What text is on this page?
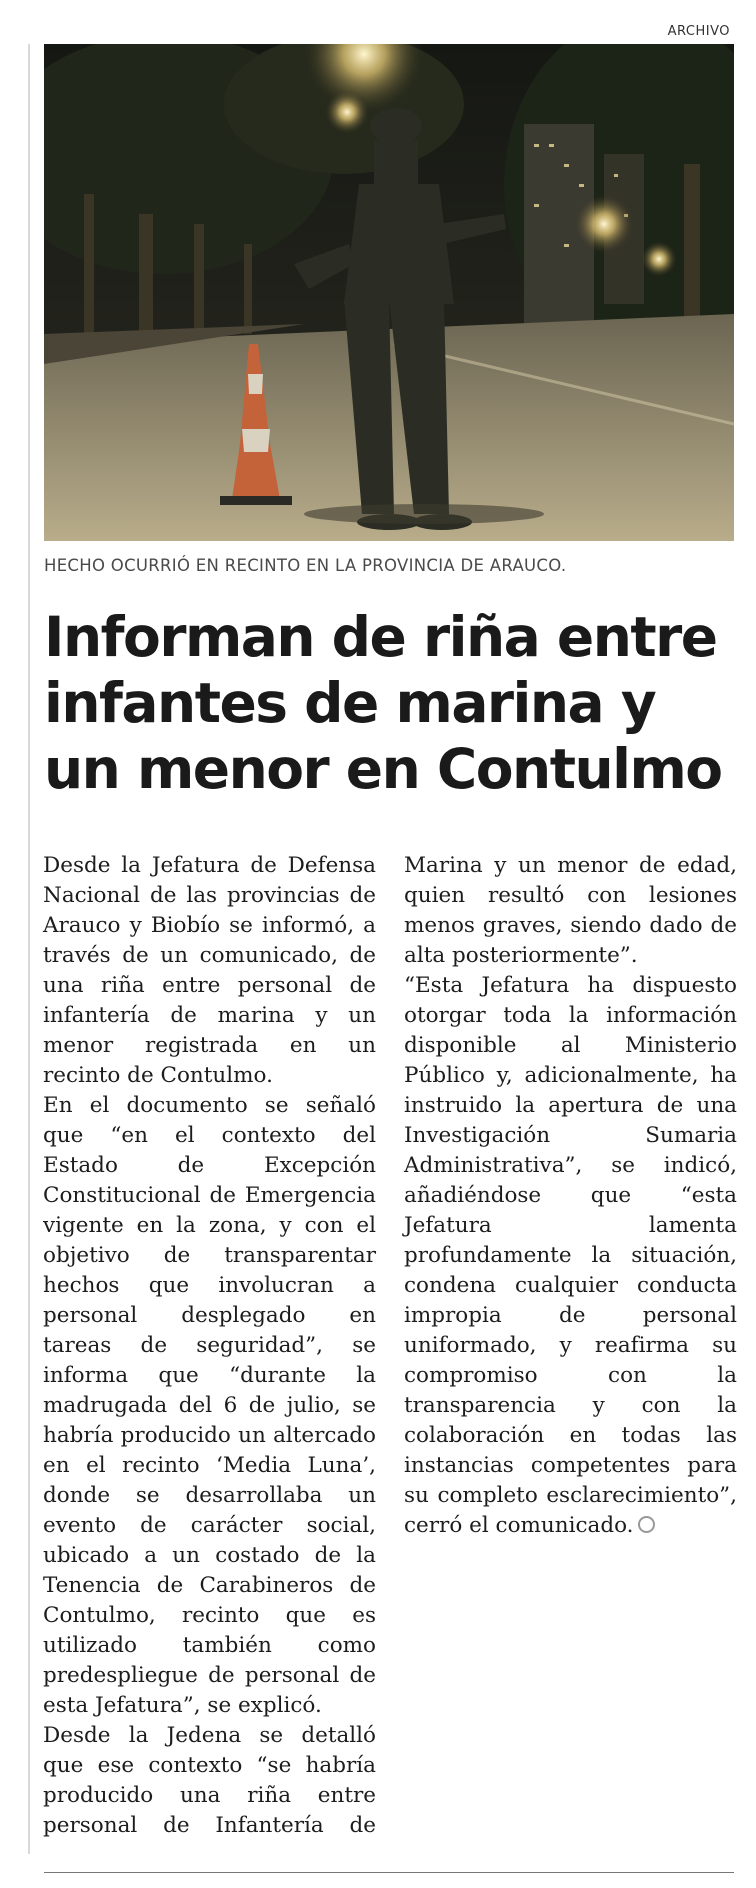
ARCHIVO
HECHO OCURRIÓ EN RECINTO EN LA PROVINCIA DE ARAUCO.
Informan de riña entre
infantes de marina y
un menor en Contulmo

Desde la Jefatura de Defensa Nacional de las provincias de Arauco y Biobío se informó, a través de un comunicado, de una riña entre personal de infantería de marina y un menor registrada en un recinto de Contulmo.

En el documento se señaló que “en el contexto del Estado de Excepción Constitucional de Emergencia vigente en la zona, y con el objetivo de transparentar hechos que involucran a personal desplegado en tareas de seguridad”, se informa que “durante la madrugada del 6 de julio, se habría producido un altercado en el recinto ‘Media Luna’, donde se desarrollaba un evento de carácter social, ubicado a un costado de la Tenencia de Carabineros de Contulmo, recinto que es utilizado también como predespliegue de personal de esta Jefatura”, se explicó.

Desde la Jedena se detalló que ese contexto “se habría producido una riña entre personal de Infantería de Marina y un menor de edad, quien resultó con lesiones menos graves, siendo dado de alta posteriormente”.

“Esta Jefatura ha dispuesto otorgar toda la información disponible al Ministerio Público y, adicionalmente, ha instruido la apertura de una Investigación Sumaria Administrativa”, se indicó, añadiéndose que “esta Jefatura lamenta profundamente la situación, condena cualquier conducta impropia de personal uniformado, y reafirma su compromiso con la transparencia y con la colaboración en todas las instancias competentes para su completo esclarecimiento”, cerró el comunicado.
